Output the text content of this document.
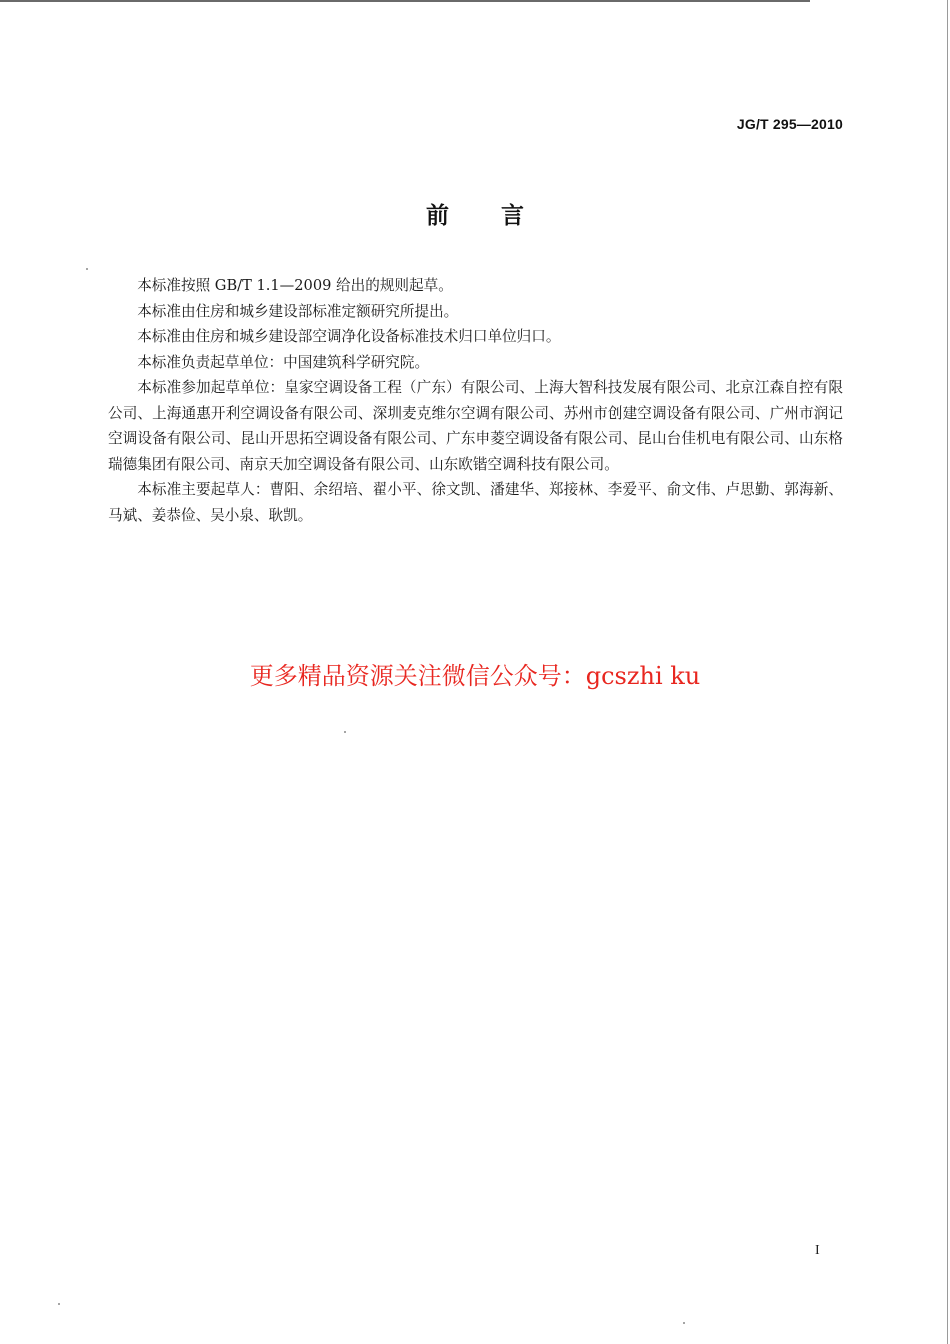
JG/T 295—2010
前 言

本标准按照 GB/T 1.1—2009 给出的规则起草。

本标准由住房和城乡建设部标准定额研究所提出。

本标准由住房和城乡建设部空调净化设备标准技术归口单位归口。

本标准负责起草单位：中国建筑科学研究院。

本标准参加起草单位：皇家空调设备工程（广东）有限公司、上海大智科技发展有限公司、北京江森自控有限公司、上海通惠开利空调设备有限公司、深圳麦克维尔空调有限公司、苏州市创建空调设备有限公司、广州市润记空调设备有限公司、昆山开思拓空调设备有限公司、广东申菱空调设备有限公司、昆山台佳机电有限公司、山东格瑞德集团有限公司、南京天加空调设备有限公司、山东欧锴空调科技有限公司。

本标准主要起草人：曹阳、余绍培、翟小平、徐文凯、潘建华、郑接林、李爱平、俞文伟、卢思勤、郭海新、马斌、姜恭俭、吴小泉、耿凯。

更多精品资源关注微信公众号：gcszhi ku
I
